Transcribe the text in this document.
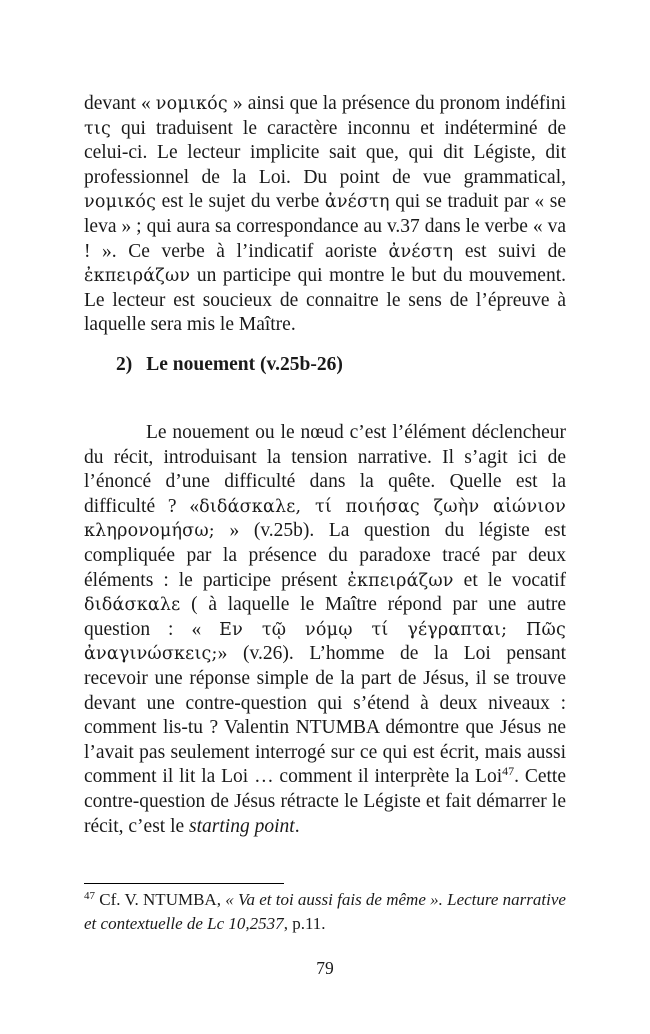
devant « νομικός » ainsi que la présence du pronom indéfini τις qui traduisent le caractère inconnu et indéterminé de celui-ci. Le lecteur implicite sait que, qui dit Légiste, dit professionnel de la Loi. Du point de vue grammatical, νομικός est le sujet du verbe ἀνέστη qui se traduit par « se leva » ; qui aura sa correspondance au v.37 dans le verbe « va ! ». Ce verbe à l’indicatif aoriste ἀνέστη est suivi de ἐκπειράζων un participe qui montre le but du mouvement. Le lecteur est soucieux de connaitre le sens de l’épreuve à laquelle sera mis le Maître.

2) Le nouement (v.25b-26)

Le nouement ou le nœud c’est l’élément déclencheur du récit, introduisant la tension narrative. Il s’agit ici de l’énoncé d’une difficulté dans la quête. Quelle est la difficulté ? «διδάσκαλε, τί ποιήσας ζωὴν αἰώνιον κληρονομήσω; » (v.25b). La question du légiste est compliquée par la présence du paradoxe tracé par deux éléments : le participe présent ἐκπειράζων et le vocatif διδάσκαλε ( à laquelle le Maître répond par une autre question : « Εν τῷ νόμῳ τί γέγραπται; Πῶς ἀναγινώσκεις;» (v.26). L’homme de la Loi pensant recevoir une réponse simple de la part de Jésus, il se trouve devant une contre-question qui s’étend à deux niveaux : comment lis-tu ? Valentin NTUMBA démontre que Jésus ne l’avait pas seulement interrogé sur ce qui est écrit, mais aussi comment il lit la Loi … comment il interprète la Loi$^{47}$. Cette contre-question de Jésus rétracte le Légiste et fait démarrer le récit, c’est le starting point.

$^{47}$ Cf. V. NTUMBA, « Va et toi aussi fais de même ». Lecture narrative et contextuelle de Lc 10,2537, p.11.
79
